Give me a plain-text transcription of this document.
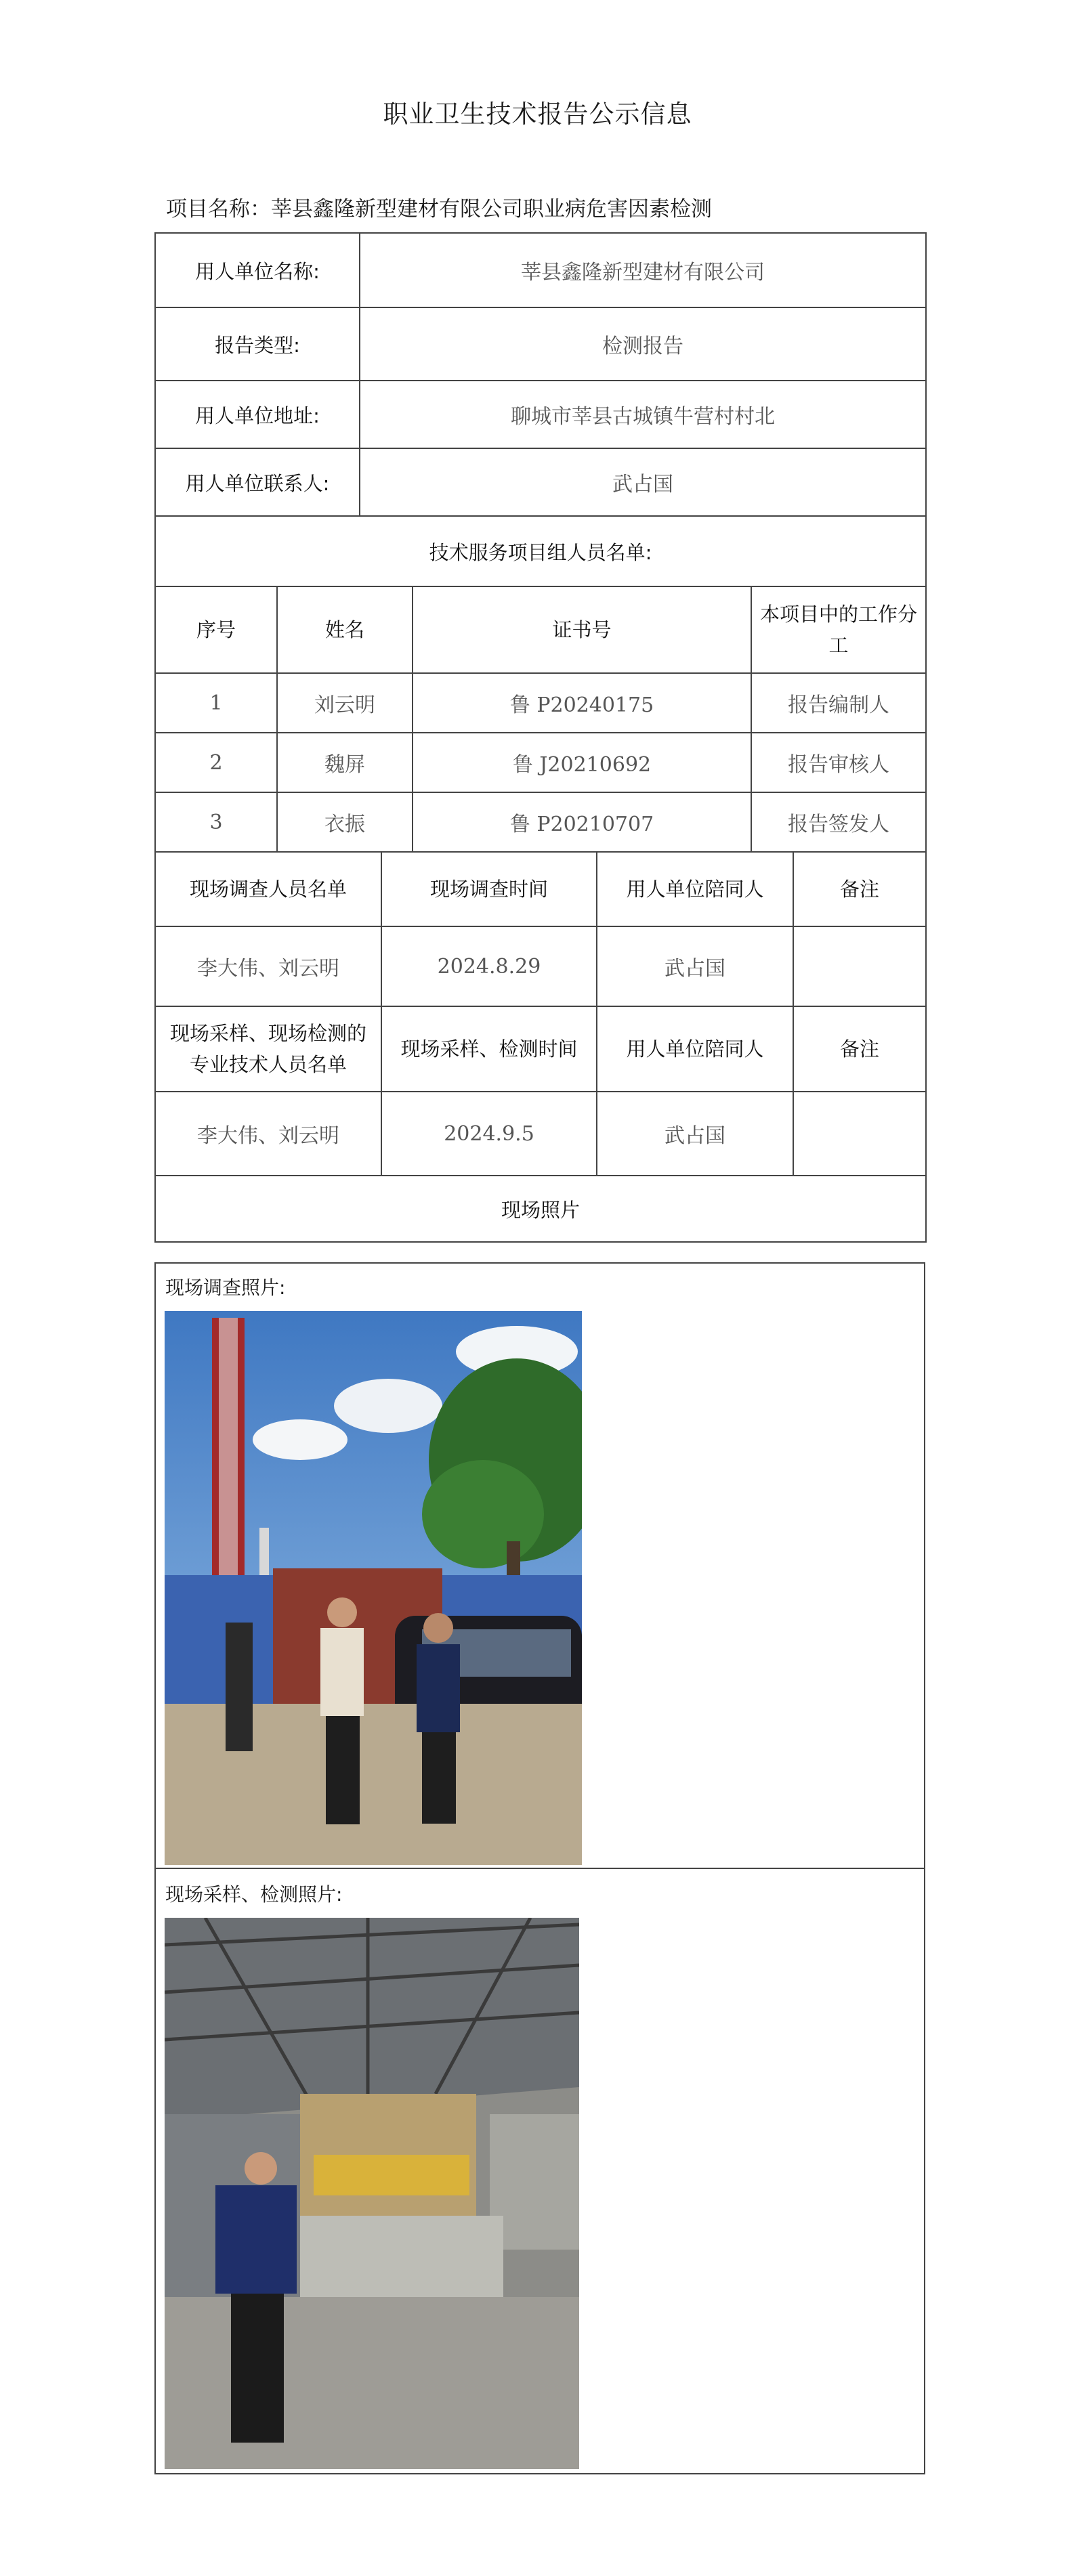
职业卫生技术报告公示信息
项目名称：莘县鑫隆新型建材有限公司职业病危害因素检测
用人单位名称:	莘县鑫隆新型建材有限公司
报告类型:	检测报告
用人单位地址:	聊城市莘县古城镇牛营村村北
用人单位联系人:	武占国
技术服务项目组人员名单:	
序号	姓名	证书号	本项目中的工作分工
1	刘云明	鲁 P20240175	报告编制人
2	魏屏	鲁 J20210692	报告审核人
3	衣振	鲁 P20210707	报告签发人
现场调查人员名单	现场调查时间	用人单位陪同人	备注
李大伟、刘云明	2024.8.29	武占国	
现场采样、现场检测的专业技术人员名单	现场采样、检测时间	用人单位陪同人	备注
李大伟、刘云明	2024.9.5	武占国	
现场照片			
现场调查照片:
现场采样、检测照片:
